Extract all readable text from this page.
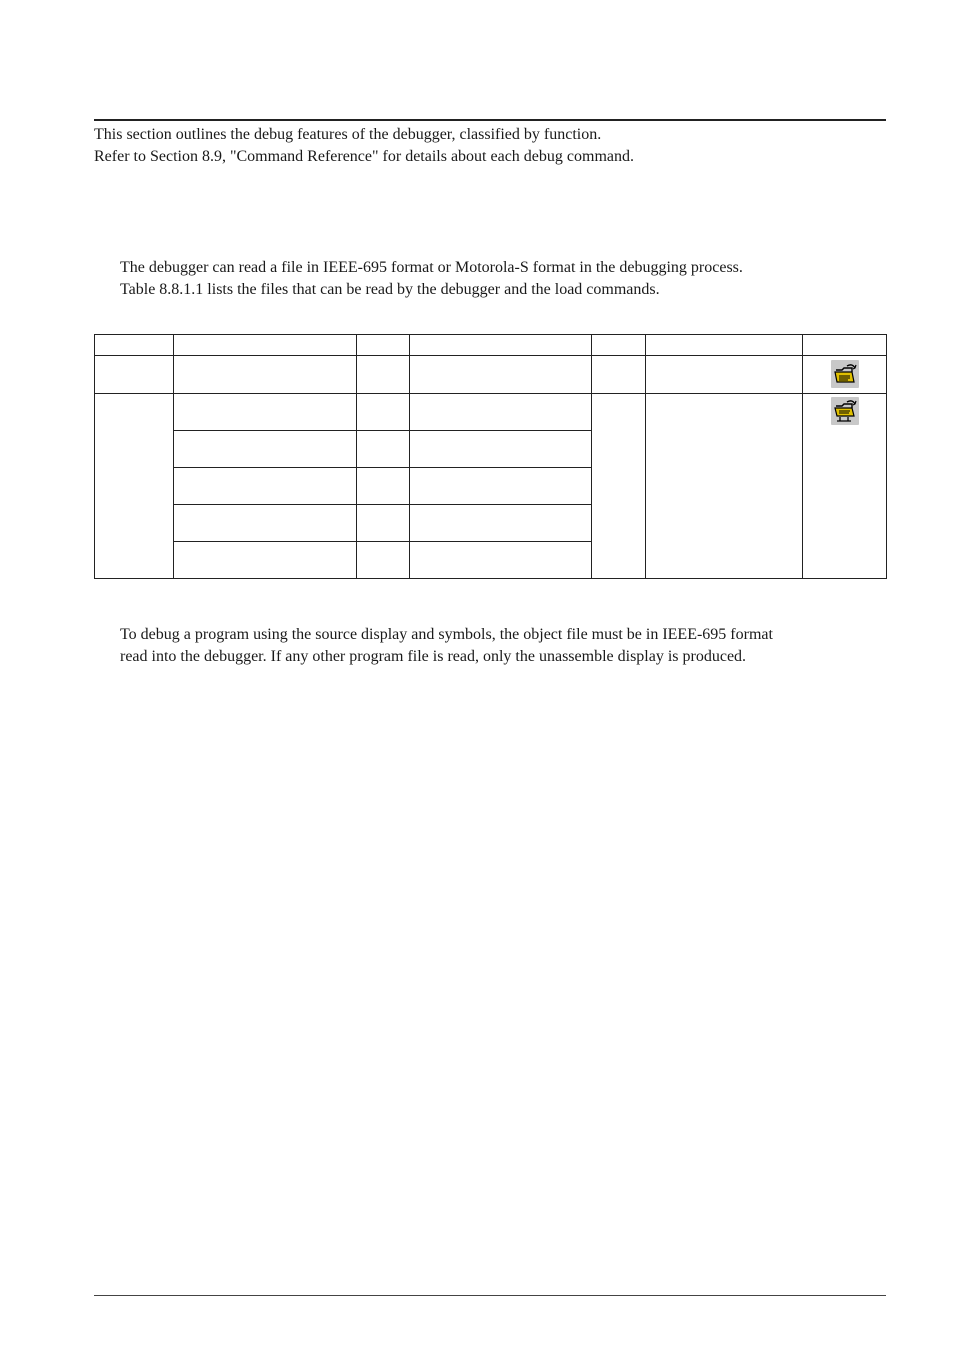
This section outlines the debug features of the debugger, classified by function.
Refer to Section 8.9, "Command Reference" for details about each debug command.
The debugger can read a file in IEEE-695 format or Motorola-S format in the debugging process.
Table 8.8.1.1 lists the files that can be read by the debugger and the load commands.

To debug a program using the source display and symbols, the object file must be in IEEE-695 format
read into the debugger. If any other program file is read, only the unassemble display is produced.
